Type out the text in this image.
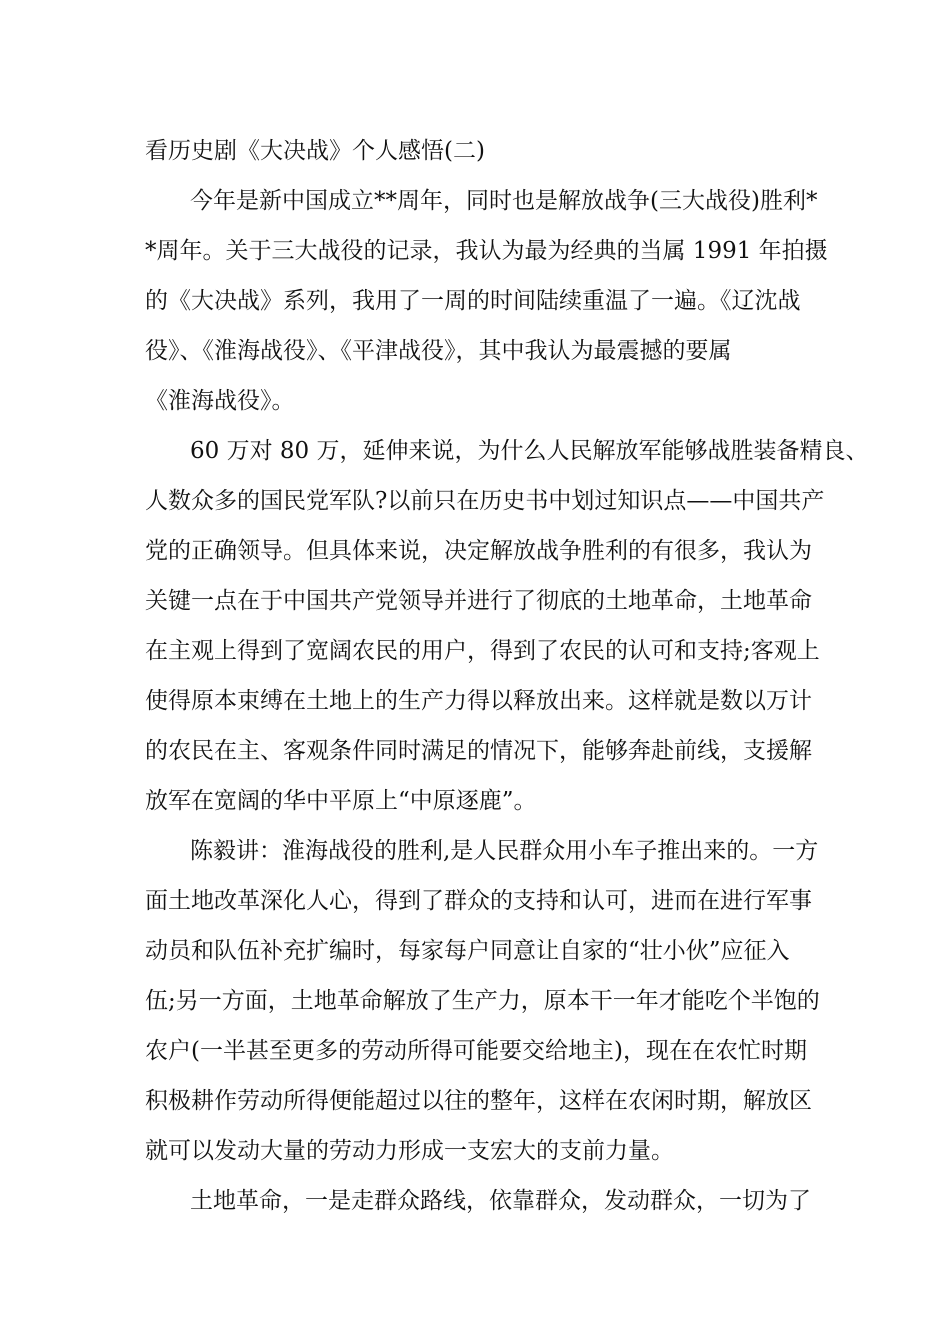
看历史剧《大决战》个人感悟(二)
今年是新中国成立**周年，同时也是解放战争(三大战役)胜利*
*周年。关于三大战役的记录，我认为最为经典的当属 1991 年拍摄
的《大决战》系列，我用了一周的时间陆续重温了一遍。《辽沈战
役》、《淮海战役》、《平津战役》，其中我认为最震撼的要属
《淮海战役》。
60 万对 80 万，延伸来说，为什么人民解放军能够战胜装备精良、
人数众多的国民党军队?以前只在历史书中划过知识点——中国共产
党的正确领导。但具体来说，决定解放战争胜利的有很多，我认为
关键一点在于中国共产党领导并进行了彻底的土地革命，土地革命
在主观上得到了宽阔农民的用户，得到了农民的认可和支持;客观上
使得原本束缚在土地上的生产力得以释放出来。这样就是数以万计
的农民在主、客观条件同时满足的情况下，能够奔赴前线，支援解
放军在宽阔的华中平原上“中原逐鹿”。
陈毅讲：淮海战役的胜利,是人民群众用小车子推出来的。一方
面土地改革深化人心，得到了群众的支持和认可，进而在进行军事
动员和队伍补充扩编时，每家每户同意让自家的“壮小伙”应征入
伍;另一方面，土地革命解放了生产力，原本干一年才能吃个半饱的
农户(一半甚至更多的劳动所得可能要交给地主)，现在在农忙时期
积极耕作劳动所得便能超过以往的整年，这样在农闲时期，解放区
就可以发动大量的劳动力形成一支宏大的支前力量。
土地革命，一是走群众路线，依靠群众，发动群众，一切为了
